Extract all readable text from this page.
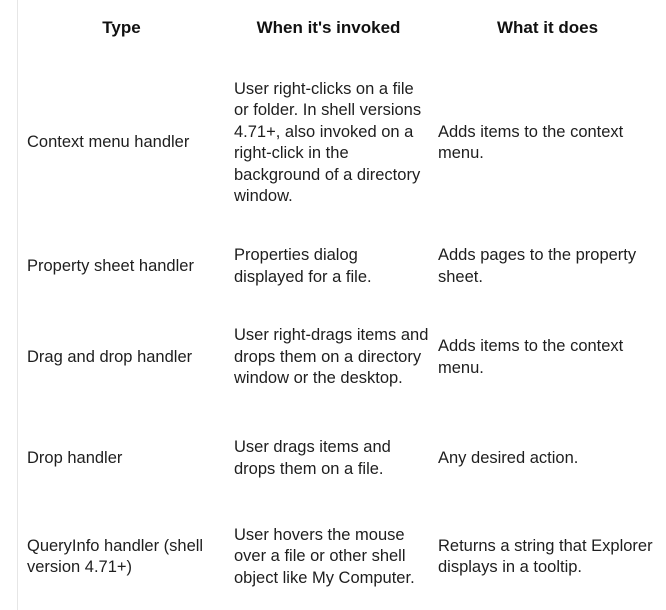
Type	When it's invoked	What it does
Context menu handler	User right-clicks on a file or folder. In shell versions 4.71+, also invoked on a right-click in the background of a directory window.	Adds items to the context menu.
Property sheet handler	Properties dialog displayed for a file.	Adds pages to the property sheet.
Drag and drop handler	User right-drags items and drops them on a directory window or the desktop.	Adds items to the context menu.
Drop handler	User drags items and drops them on a file.	Any desired action.
QueryInfo handler (shell version 4.71+)	User hovers the mouse over a file or other shell object like My Computer.	Returns a string that Explorer displays in a tooltip.
